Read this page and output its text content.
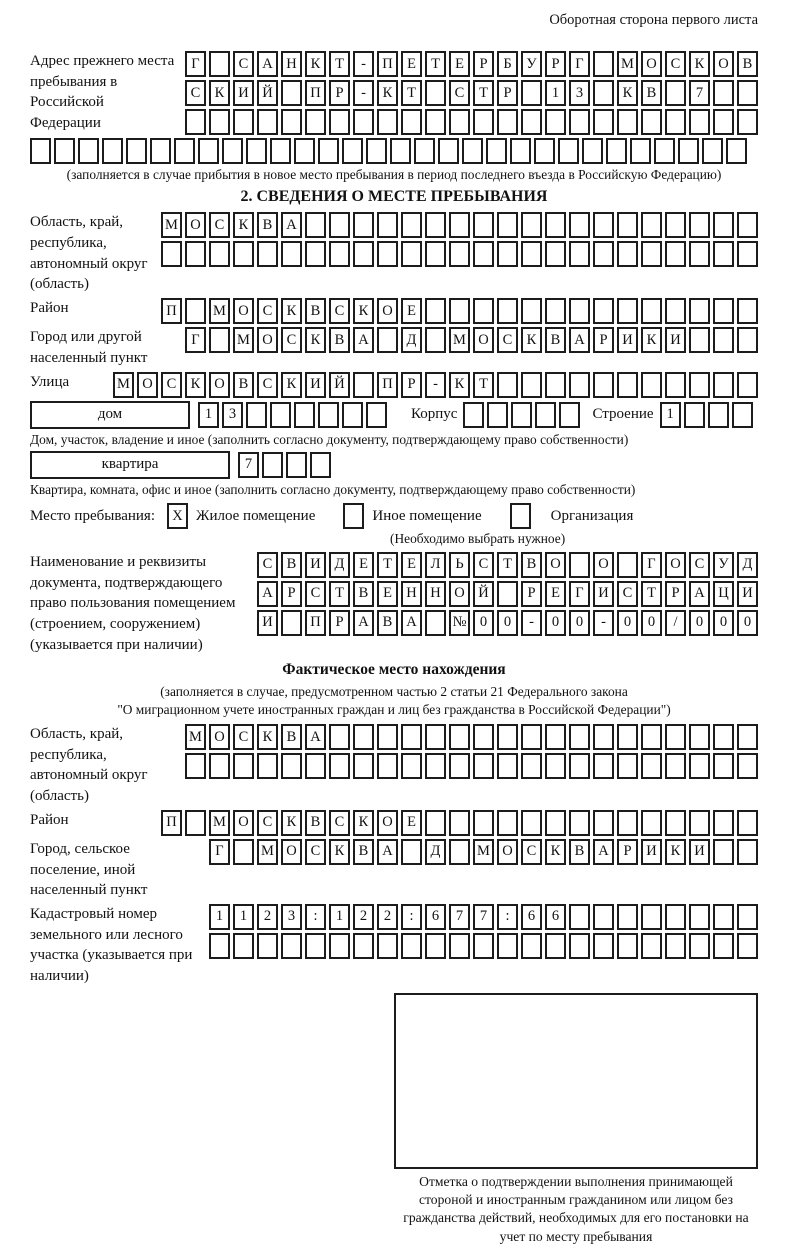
Оборотная сторона первого листа
Адрес прежнего места пребывания в Российской Федерации
Г	С А Н К	Т	-	П Е	Т	Е	Р	Б	У	Р	Г	М О С К О В
С К И Й	П	Р	-	К	Т	С	Т	Р	1	3	К В	7
(заполняется в случае прибытия в новое место пребывания в период последнего въезда в Российскую Федерацию)
2. СВЕДЕНИЯ О МЕСТЕ ПРЕБЫВАНИЯ
Область, край, республика, автономный округ (область)
М О С К В А
Район	П	М О С К В С К О Е
Город или другой населенный пункт
Г	М О С К В А	Д	М О С К В А	Р	И К И
Улица	М О С К О В С К И Й	П	Р	-	К	Т
дом	1	3	Корпус	Строение 1
Дом, участок, владение и иное (заполнить согласно документу, подтверждающему право собственности)
квартира	7
Квартира, комната, офис и иное (заполнить согласно документу, подтверждающему право собственности)
Место пребывания:	X Жилое помещение	Иное помещение	Организация
(Необходимо выбрать нужное)
Наименование и реквизиты документа, подтверждающего право пользования помещением (строением, сооружением) (указывается при наличии)
С В И Д	Е	Т	Е	Л	Ь	С	Т	В О	О	Г	О С У Д
А	Р	С	Т	В	Е Н Н О Й	Р	Е	Г	И С	Т	Р	А Ц И
И	П	Р	А В А	№ 0	0	-	0	0	-	0	0	/	0	0	0
Фактическое место нахождения
(заполняется в случае, предусмотренном частью 2 статьи 21 Федерального закона
"О миграционном учете иностранных граждан и лиц без гражданства в Российской Федерации")
Область, край, республика, автономный округ (область)
М О С К В А
Район	П	М О С К В С К О Е
Город, сельское поселение, иной населенный пункт
Г	М О С К В А	Д	М О С К В А	Р	И К И
Кадастровый номер земельного или лесного участка (указывается при наличии)
1	1	2	3	:	1	2	2	:	6	7	7	:	6	6
Отметка о подтверждении выполнения принимающей стороной и иностранным гражданином или лицом без гражданства действий, необходимых для его постановки на учет по месту пребывания
